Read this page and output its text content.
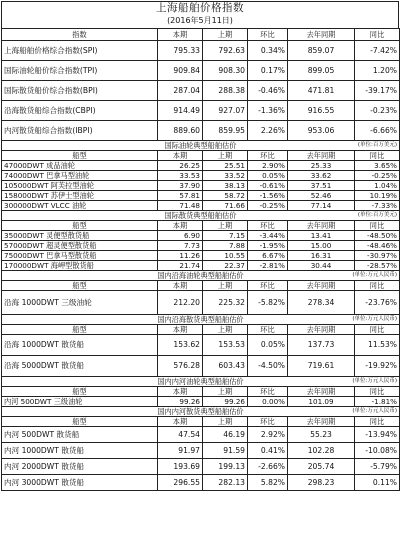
上海船舶价格指数
(2016年5月11日)
指数	本期	上期	环比	去年同期	同比
上海船舶价格综合指数(SPI)	795.33	792.63	0.34%	859.07	-7.42%
国际油轮船价综合指数(TPI)	909.84	908.30	0.17%	899.05	1.20%
国际散货船价综合指数(BPI)	287.04	288.38	-0.46%	471.81	-39.17%
沿海散货船综合指数(CBPI)	914.49	927.07	-1.36%	916.55	-0.23%
内河散货船综合指数(IBPI)	889.60	859.95	2.26%	953.06	-6.66%
国际油轮典型船舶估价 (单位:百万美元)					

船型	本期	上期	环比	去年同期	同比
47000DWT 成品油轮	26.25	25.51	2.90%	25.33	3.65%
74000DWT 巴拿马型油轮	33.53	33.52	0.05%	33.62	-0.25%
105000DWT 阿芙拉型油轮	37.90	38.13	-0.61%	37.51	1.04%
158000DWT 苏伊士型油轮	57.81	58.72	-1.56%	52.46	10.19%
300000DWT VLCC 油轮	71.48	71.66	-0.25%	77.14	-7.33%
国际散货典型船舶估价 (单位:百万美元)					

船型	本期	上期	环比	去年同期	同比
35000DWT 灵便型散货船	6.90	7.15	-3.44%	13.41	-48.50%
57000DWT 超灵便型散货船	7.73	7.88	-1.95%	15.00	-48.46%
75000DWT 巴拿马型散货船	11.26	10.55	6.67%	16.31	-30.97%
170000DWT 海岬型散货船	21.74	22.37	-2.81%	30.44	-28.57%
国内沿海油轮典型船舶估价 (单位:万元人民币)					

船型	本期	上期	环比	去年同期	同比
沿海 1000DWT 三级油轮	212.20	225.32	-5.82%	278.34	-23.76%
国内沿海散货典型船舶估价 (单位:万元人民币)					

船型	本期	上期	环比	去年同期	同比
沿海 1000DWT 散货船	153.62	153.53	0.05%	137.73	11.53%
沿海 5000DWT 散货船	576.28	603.43	-4.50%	719.61	-19.92%
国内内河油轮典型船舶估价 (单位:万元人民币)					

船型	本期	上期	环比	去年同期	同比
内河 500DWT 三级油轮	99.26	99.26	0.00%	101.09	-1.81%
国内内河散货典型船舶估价 (单位:万元人民币)					

船型	本期	上期	环比	去年同期	同比
内河 500DWT 散货船	47.54	46.19	2.92%	55.23	-13.94%
内河 1000DWT 散货船	91.97	91.59	0.41%	102.28	-10.08%
内河 2000DWT 散货船	193.69	199.13	-2.66%	205.74	-5.79%
内河 3000DWT 散货船	296.55	282.13	5.82%	298.23	0.11%
